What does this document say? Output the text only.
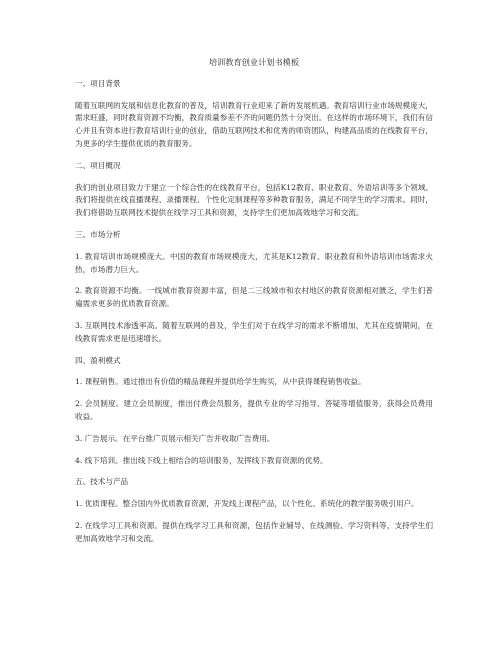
培训教育创业计划书模板
一、项目背景
随着互联网的发展和信息化教育的普及，培训教育行业迎来了新的发展机遇。教育培训行业市场规模庞大，需求旺盛，同时教育资源不均衡，教育质量参差不齐的问题仍然十分突出。在这样的市场环境下，我们有信心并且有资本进行教育培训行业的创业，借助互联网技术和优秀的师资团队，构建高品质的在线教育平台，为更多的学生提供优质的教育服务。
二、项目概况
我们的创业项目致力于建立一个综合性的在线教育平台，包括K12教育、职业教育、外语培训等多个领域。我们将提供在线直播课程、录播课程、个性化定制课程等多种教育服务，满足不同学生的学习需求。同时，我们将借助互联网技术提供在线学习工具和资源，支持学生们更加高效地学习和交流。
三、市场分析
1. 教育培训市场规模庞大。中国的教育市场规模庞大，尤其是K12教育、职业教育和外语培训市场需求火热，市场潜力巨大。
2. 教育资源不均衡。一线城市教育资源丰富，但是二三线城市和农村地区的教育资源相对匮乏，学生们普遍需求更多的优质教育资源。
3. 互联网技术渗透率高。随着互联网的普及，学生们对于在线学习的需求不断增加，尤其在疫情期间，在线教育需求更是迅速增长。
四、盈利模式
1. 课程销售。通过推出有价值的精品课程并提供给学生购买，从中获得课程销售收益。
2. 会员制度。建立会员制度，推出付费会员服务，提供专业的学习指导、答疑等增值服务，获得会员费用收益。
3. 广告展示。在平台推广页展示相关广告并收取广告费用。
4. 线下培训。推出线下线上相结合的培训服务，发挥线下教育资源的优势。
五、技术与产品
1. 优质课程。整合国内外优质教育资源，开发线上课程产品，以个性化、系统化的教学服务吸引用户。
2. 在线学习工具和资源。提供在线学习工具和资源，包括作业辅导、在线测验、学习资料等，支持学生们更加高效地学习和交流。
